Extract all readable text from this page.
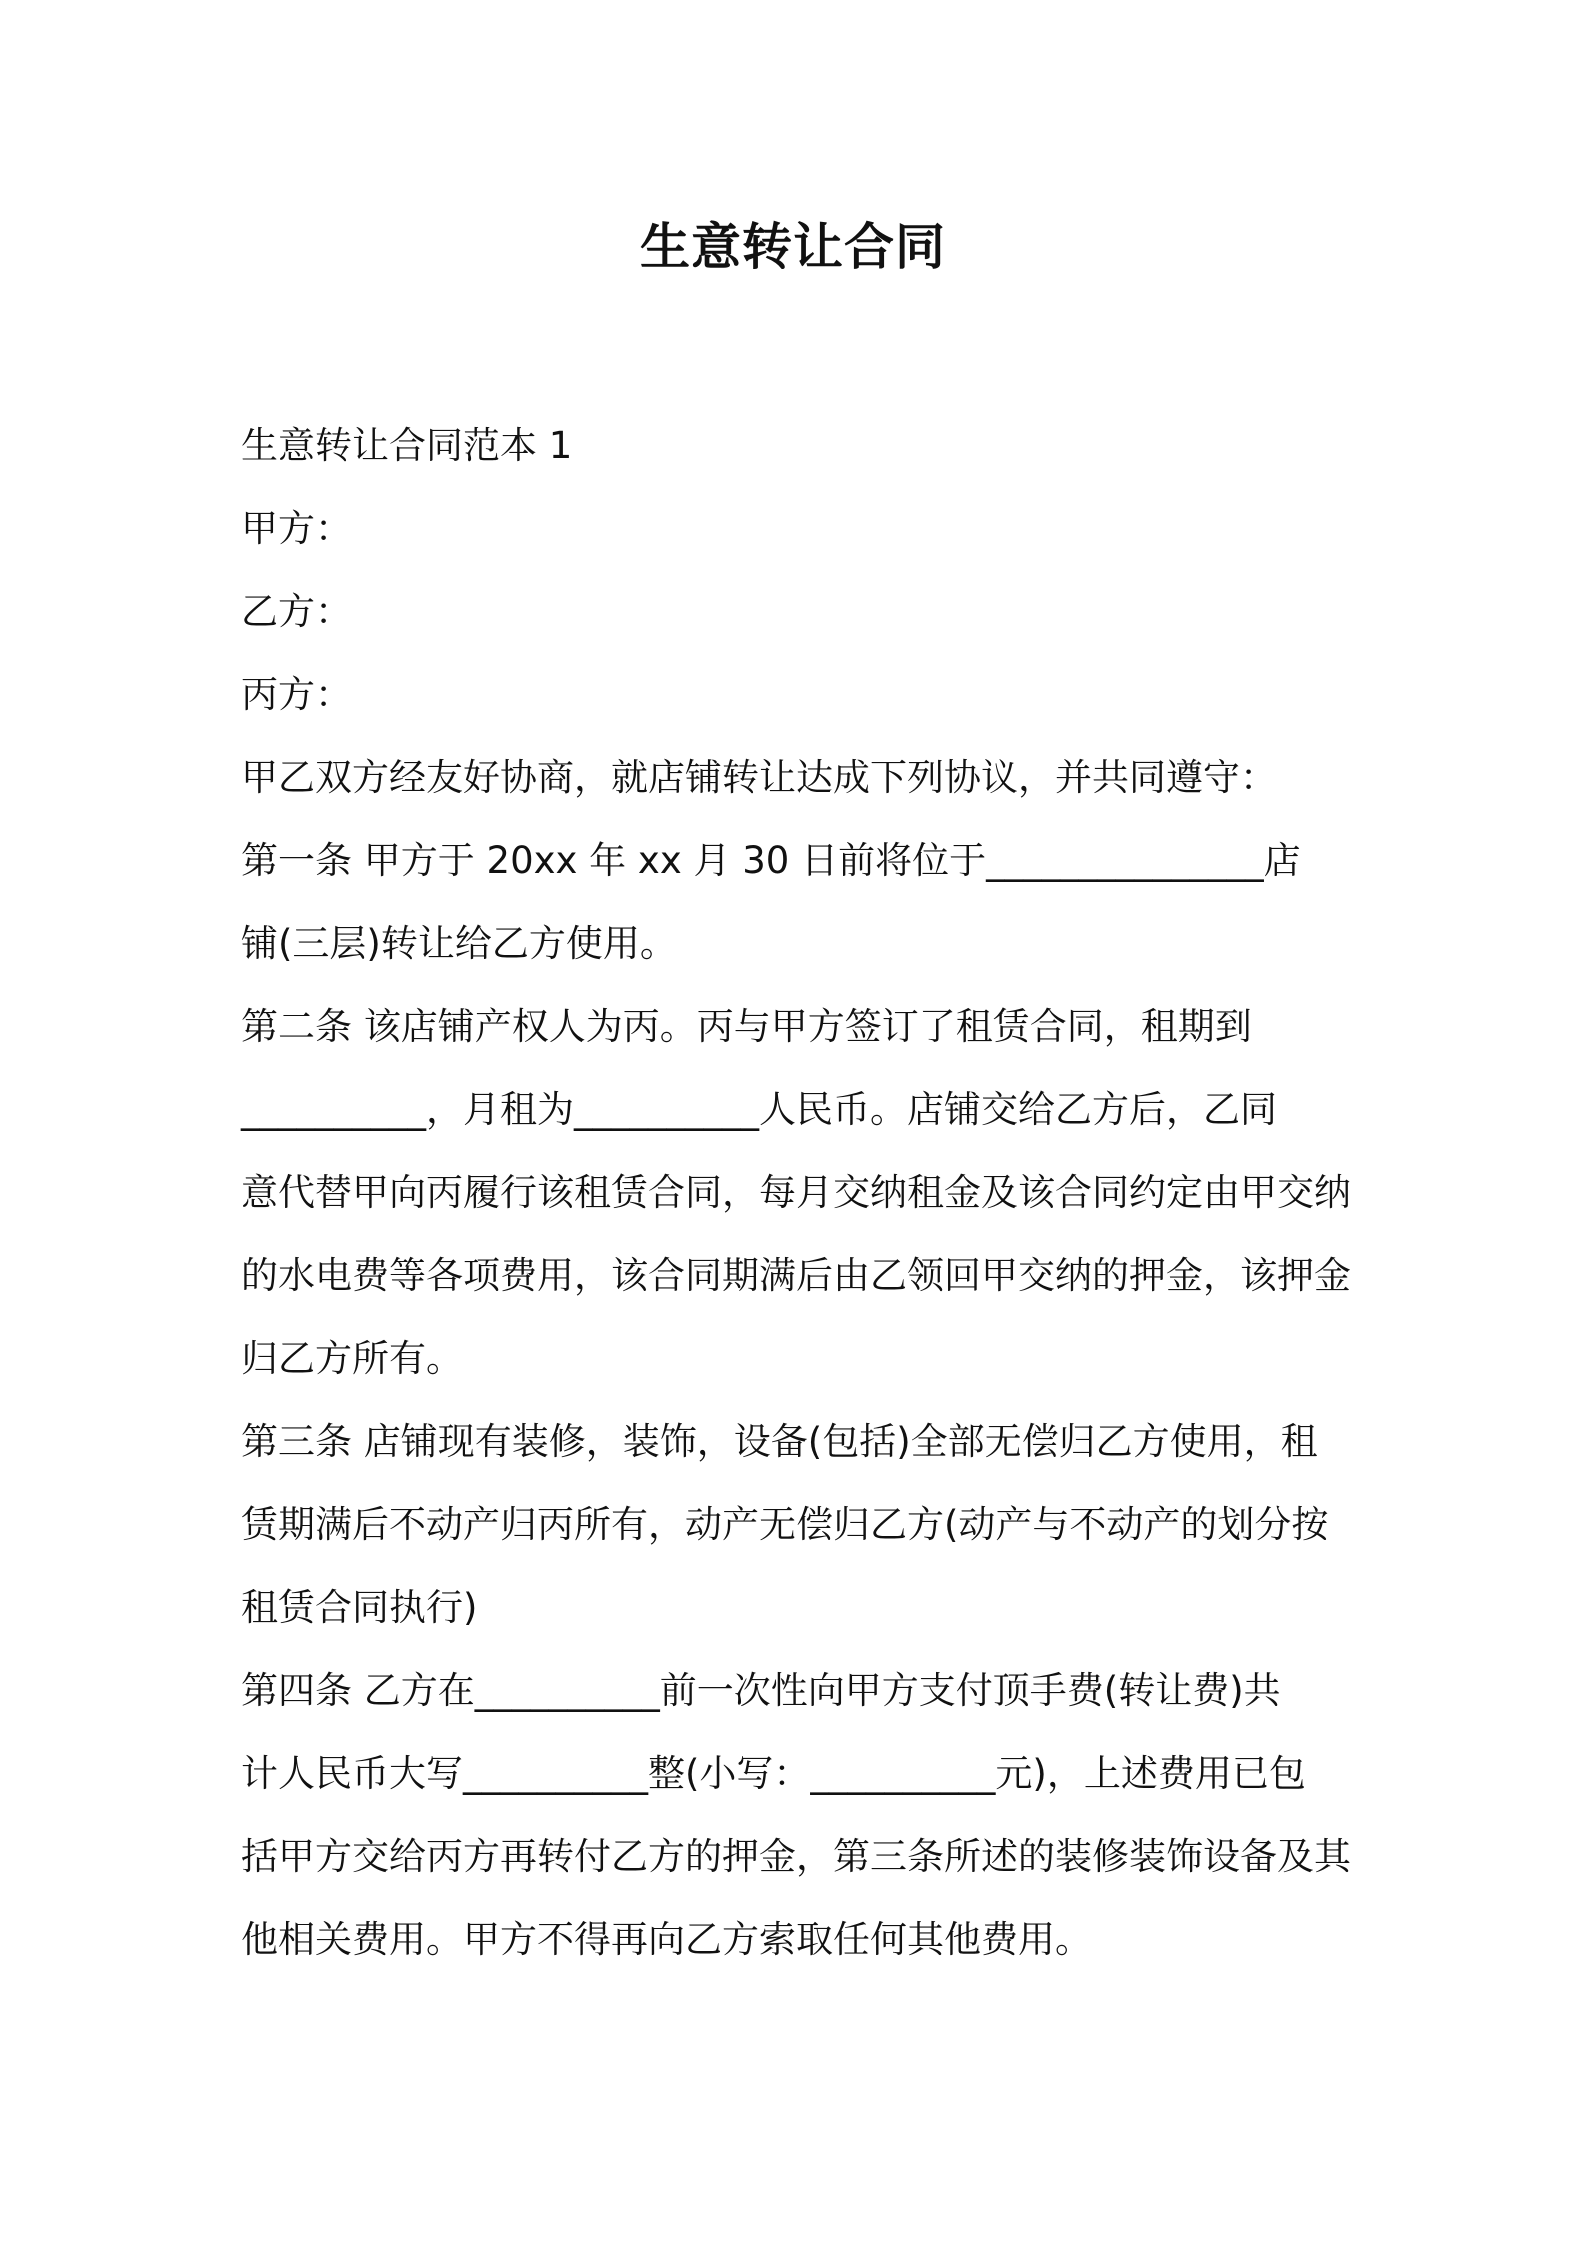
生意转让合同
生意转让合同范本 1
甲方：
乙方：
丙方：
甲乙双方经友好协商，就店铺转让达成下列协议，并共同遵守：
第一条 甲方于 20xx 年 xx 月 30 日前将位于_______________店
铺(三层)转让给乙方使用。
第二条 该店铺产权人为丙。丙与甲方签订了租赁合同，租期到
__________，月租为__________人民币。店铺交给乙方后，乙同
意代替甲向丙履行该租赁合同，每月交纳租金及该合同约定由甲交纳
的水电费等各项费用，该合同期满后由乙领回甲交纳的押金，该押金
归乙方所有。
第三条 店铺现有装修，装饰，设备(包括)全部无偿归乙方使用，租
赁期满后不动产归丙所有，动产无偿归乙方(动产与不动产的划分按
租赁合同执行)
第四条 乙方在__________前一次性向甲方支付顶手费(转让费)共
计人民币大写__________整(小写：__________元)，上述费用已包
括甲方交给丙方再转付乙方的押金，第三条所述的装修装饰设备及其
他相关费用。甲方不得再向乙方索取任何其他费用。
